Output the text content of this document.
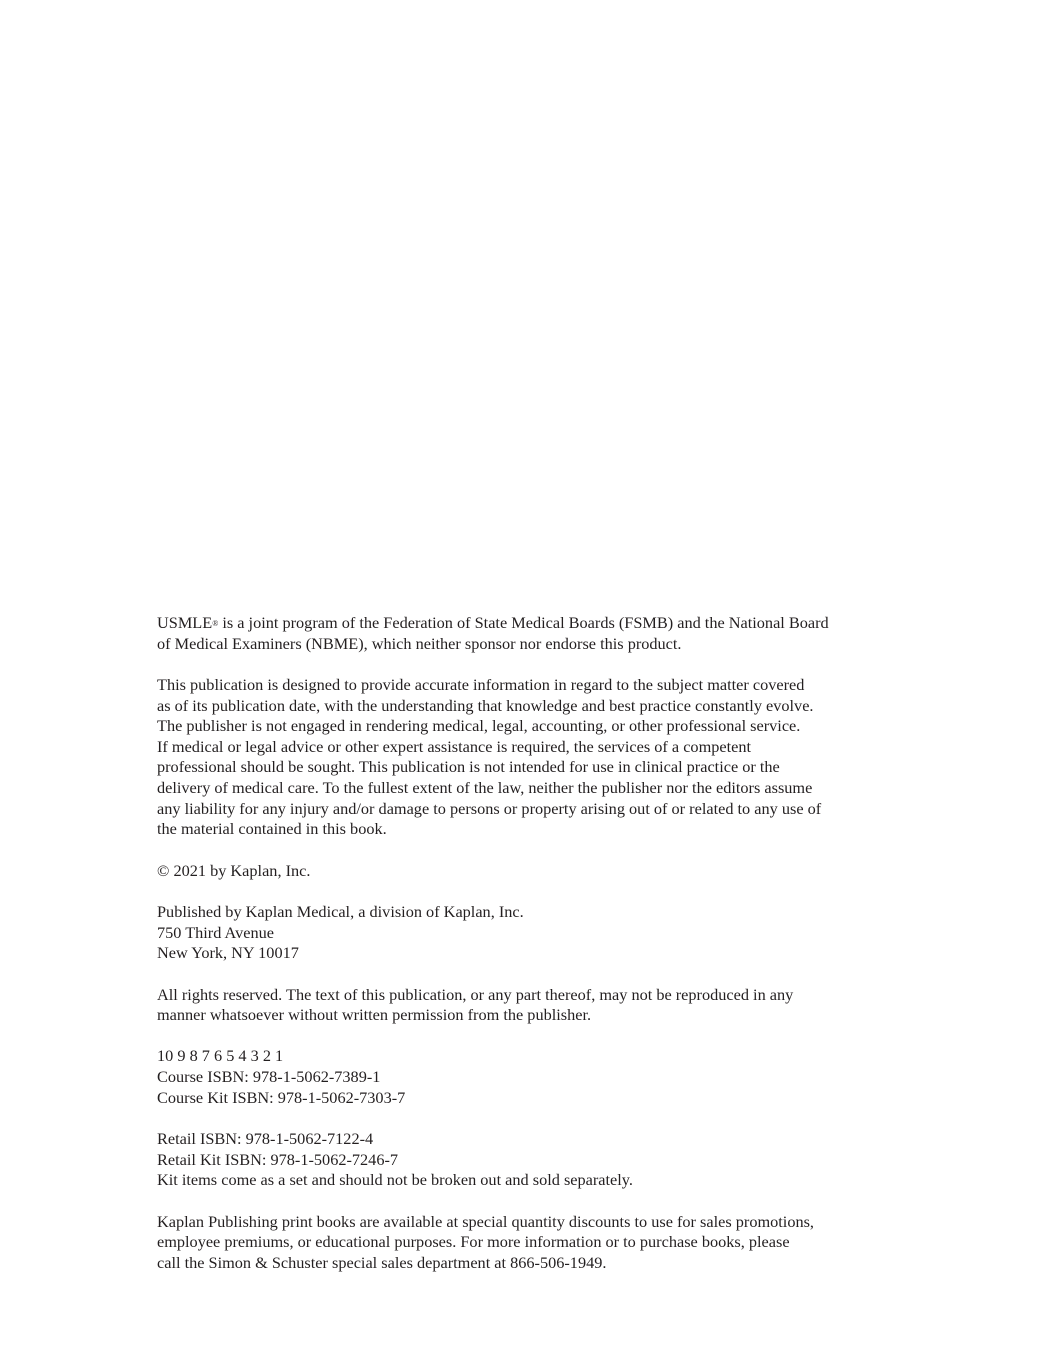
USMLE® is a joint program of the Federation of State Medical Boards (FSMB) and the National Board
of Medical Examiners (NBME), which neither sponsor nor endorse this product.

This publication is designed to provide accurate information in regard to the subject matter covered
as of its publication date, with the understanding that knowledge and best practice constantly evolve.
The publisher is not engaged in rendering medical, legal, accounting, or other professional service.
If medical or legal advice or other expert assistance is required, the services of a competent
professional should be sought. This publication is not intended for use in clinical practice or the
delivery of medical care. To the fullest extent of the law, neither the publisher nor the editors assume
any liability for any injury and/or damage to persons or property arising out of or related to any use of
the material contained in this book.

© 2021 by Kaplan, Inc.

Published by Kaplan Medical, a division of Kaplan, Inc.
750 Third Avenue
New York, NY 10017

All rights reserved. The text of this publication, or any part thereof, may not be reproduced in any
manner whatsoever without written permission from the publisher.

10 9 8 7 6 5 4 3 2 1
Course ISBN: 978-1-5062-7389-1
Course Kit ISBN: 978-1-5062-7303-7

Retail ISBN: 978-1-5062-7122-4
Retail Kit ISBN: 978-1-5062-7246-7
Kit items come as a set and should not be broken out and sold separately.

Kaplan Publishing print books are available at special quantity discounts to use for sales promotions,
employee premiums, or educational purposes. For more information or to purchase books, please
call the Simon & Schuster special sales department at 866-506-1949.
